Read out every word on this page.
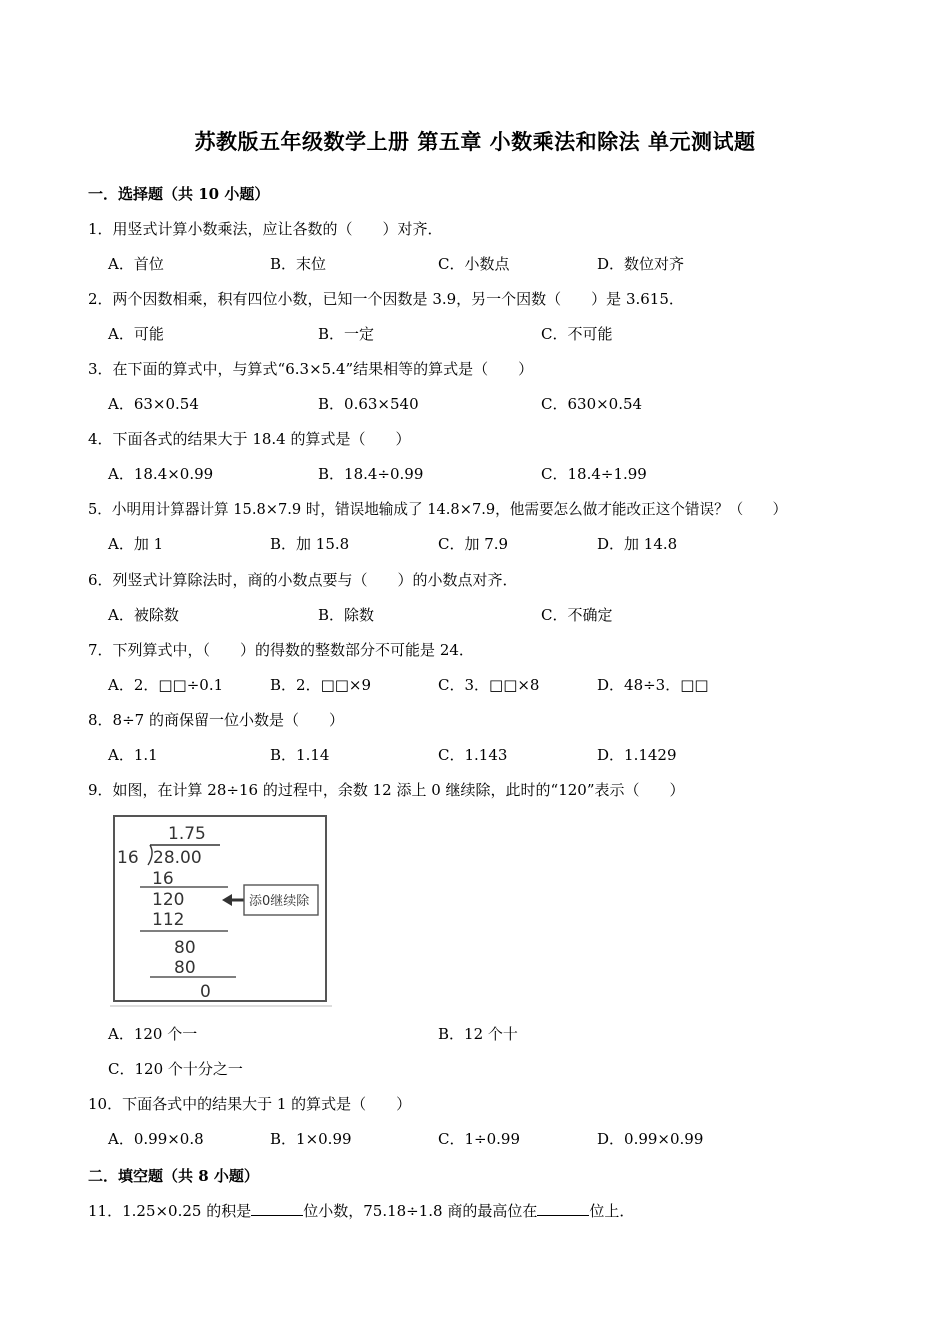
苏教版五年级数学上册 第五章 小数乘法和除法 单元测试题
一．选择题（共 10 小题）
1．用竖式计算小数乘法，应让各数的（　　）对齐．
A．首位	B．末位	C．小数点	D．数位对齐
2．两个因数相乘，积有四位小数，已知一个因数是 3.9，另一个因数（　　）是 3.615．
A．可能	B．一定	C．不可能
3．在下面的算式中，与算式“6.3×5.4”结果相等的算式是（　　）
A．63×0.54	B．0.63×540	C．630×0.54
4．下面各式的结果大于 18.4 的算式是（　　）
A．18.4×0.99	B．18.4÷0.99	C．18.4÷1.99
5．小明用计算器计算 15.8×7.9 时，错误地输成了 14.8×7.9，他需要怎么做才能改正这个错误？（　　）
A．加 1	B．加 15.8	C．加 7.9	D．加 14.8
6．列竖式计算除法时，商的小数点要与（　　）的小数点对齐．
A．被除数	B．除数	C．不确定
7．下列算式中，（　　）的得数的整数部分不可能是 24．
A．2．□□÷0.1	B．2．□□×9	C．3．□□×8	D．48÷3．□□
8．8÷7 的商保留一位小数是（　　）
A．1.1	B．1.14	C．1.143	D．1.1429
9．如图，在计算 28÷16 的过程中，余数 12 添上 0 继续除，此时的“120”表示（　　）
1.75
16 28.00
16
120
112
80
80
0
添0继续除
A．120 个一	B．12 个十
C．120 个十分之一
10．下面各式中的结果大于 1 的算式是（　　）
A．0.99×0.8	B．1×0.99	C．1÷0.99	D．0.99×0.99
二．填空题（共 8 小题）
11．1.25×0.25 的积是	位小数，75.18÷1.8 商的最高位在	位上．
